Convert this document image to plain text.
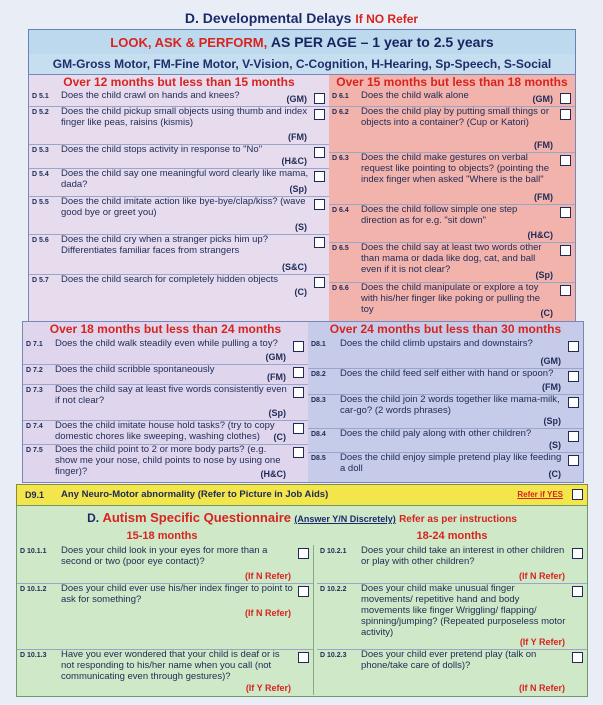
D. Developmental Delays If NO Refer
LOOK, ASK & PERFORM, AS PER AGE – 1 year to 2.5 years
GM-Gross Motor, FM-Fine Motor, V-Vision, C-Cognition, H-Hearing, Sp-Speech, S-Social
Over 12 months but less than 15 months
D 5.1 Does the child crawl on hands and knees?	(GM)
D 5.2 Does the child pickup small objects using thumb and index finger like peas, raisins (kismis)
(FM)
D 5.3 Does the child stops activity in response to "No"
(H&C)
D 5.4 Does the child say one meaningful word clearly like mama, dada?	(Sp)
D 5.5 Does the child imitate action like bye-bye/clap/kiss? (wave good bye or greet you)
(S)
D 5.6 Does the child cry when a stranger picks him up? Differentiates familiar faces from strangers
(S&C)
D 5.7 Does the child search for completely hidden objects
(C)
Over 15 months but less than 18 months
D 6.1 Does the child walk alone	(GM)
D 6.2 Does the child play by putting small things or objects into a container? (Cup or Katori)
(FM)
D 6.3 Does the child make gestures on verbal request like pointing to objects? (pointing the index finger when asked "Where is the ball"
(FM)
D 6.4 Does the child follow simple one step direction as for e.g. "sit down"
(H&C)
D 6.5 Does the child say at least two words other than mama or dada like dog, cat, and ball even if it is not clear?	(Sp)
D 6.6 Does the child manipulate or explore a toy with his/her finger like poking or pulling the toy	(C)
Over 18 months but less than 24 months
D 7.1 Does the child walk steadily even while pulling a toy?
(GM)
D 7.2 Does the child scribble spontaneously
(FM)
D 7.3 Does the child say at least five words consistently even if not clear?
(Sp)
D 7.4 Does the child imitate house hold tasks? (try to copy domestic chores like sweeping, washing clothes)	(C)
D 7.5 Does the child point to 2 or more body parts? (e.g. show me your nose, child points to nose by using one finger)?	(H&C)
Over 24 months but less than 30 months
D8.1 Does the child climb upstairs and downstairs?
(GM)
D8.2 Does the child feed self either with hand or spoon?
(FM)
D8.3 Does the child join 2 words together like mama-milk, car-go? (2 words phrases)
(Sp)
D8.4 Does the child paly along with other children?
(S)
D8.5 Does the child enjoy simple pretend play like feeding a doll	(C)
D9.1 Any Neuro-Motor abnormality (Refer to Picture in Job Aids)	Refer if YES
D. Autism Specific Questionnaire (Answer Y/N Discretely) Refer as per instructions
15-18 months	18-24 months
D 10.1.1 Does your child look in your eyes for more than a second or two (poor eye contact)?
(If N Refer)
D 10.1.2 Does your child ever use his/her index finger to point to ask for something?
(If N Refer)
D 10.1.3 Have you ever wondered that your child is deaf or is not responding to his/her name when you call (not communicating even through gestures)?
(If Y Refer)
D 10.2.1 Does your child take an interest in other children or play with other children?
(If N Refer)
D 10.2.2 Does your child make unusual finger movements/ repetitive hand and body movements like finger Wriggling/ flapping/ spinning/jumping? (Repeated purposeless motor activity)
(If Y Refer)
D 10.2.3 Does your child ever pretend play (talk on phone/take care of dolls)?
(If N Refer)
